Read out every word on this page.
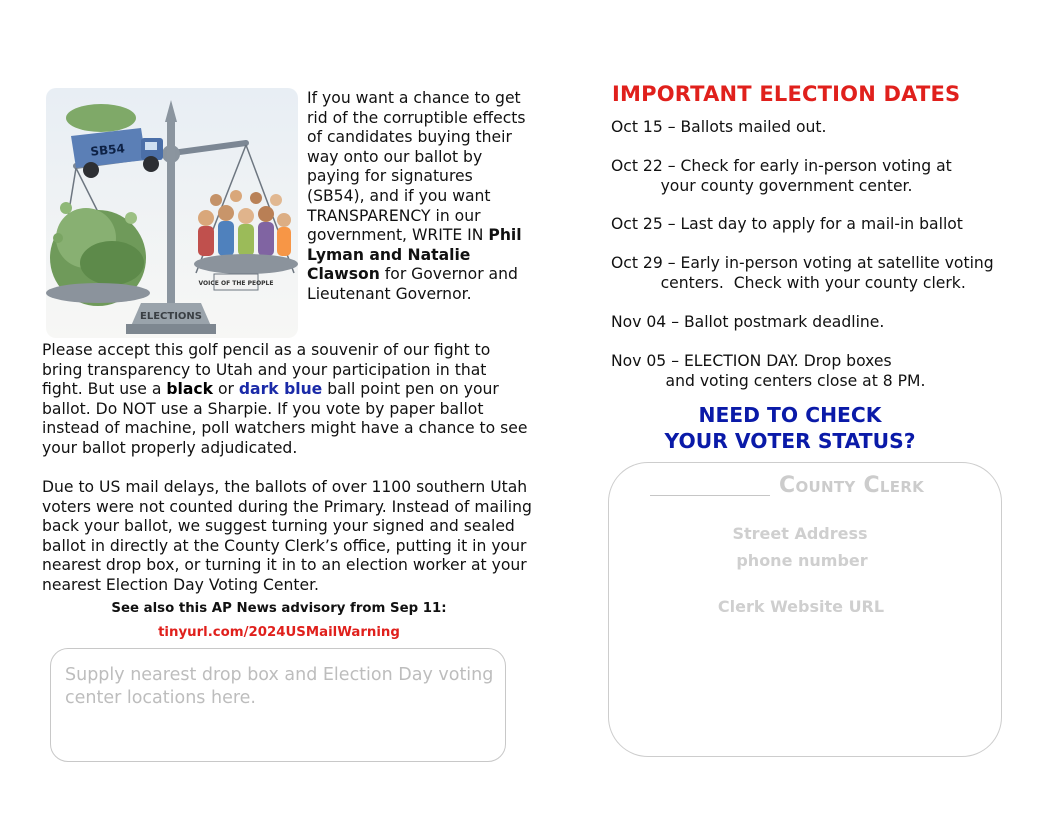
ELECTIONS
SB54
VOICE OF THE PEOPLE

If you want a chance to get rid of the corruptible effects of candidates buying their way onto our ballot by paying for signatures (SB54), and if you want TRANSPARENCY in our government, WRITE IN Phil Lyman and Natalie Clawson for Governor and Lieutenant Governor.

Please accept this golf pencil as a souvenir of our fight to bring transparency to Utah and your participation in that fight. But use a black or dark blue ball point pen on your ballot. Do NOT use a Sharpie. If you vote by paper ballot instead of machine, poll watchers might have a chance to see your ballot properly adjudicated.

Due to US mail delays, the ballots of over 1100 southern Utah voters were not counted during the Primary. Instead of mailing back your ballot, we suggest turning your signed and sealed ballot in directly at the County Clerk’s office, putting it in your nearest drop box, or turning it in to an election worker at your nearest Election Day Voting Center.

See also this AP News advisory from Sep 11:
tinyurl.com/2024USMailWarning

Supply nearest drop box and Election Day voting center locations here.

IMPORTANT ELECTION DATES
Oct 15 – Ballots mailed out.
Oct 22 – Check for early in-person voting at
your county government center.
Oct 25 – Last day to apply for a mail-in ballot
Oct 29 – Early in-person voting at satellite voting
centers.  Check with your county clerk.
Nov 04 – Ballot postmark deadline.
Nov 05 – ELECTION DAY. Drop boxes
and voting centers close at 8 PM.
NEED TO CHECK
YOUR VOTER STATUS?
County Clerk
Street Address
phone number
Clerk Website URL
